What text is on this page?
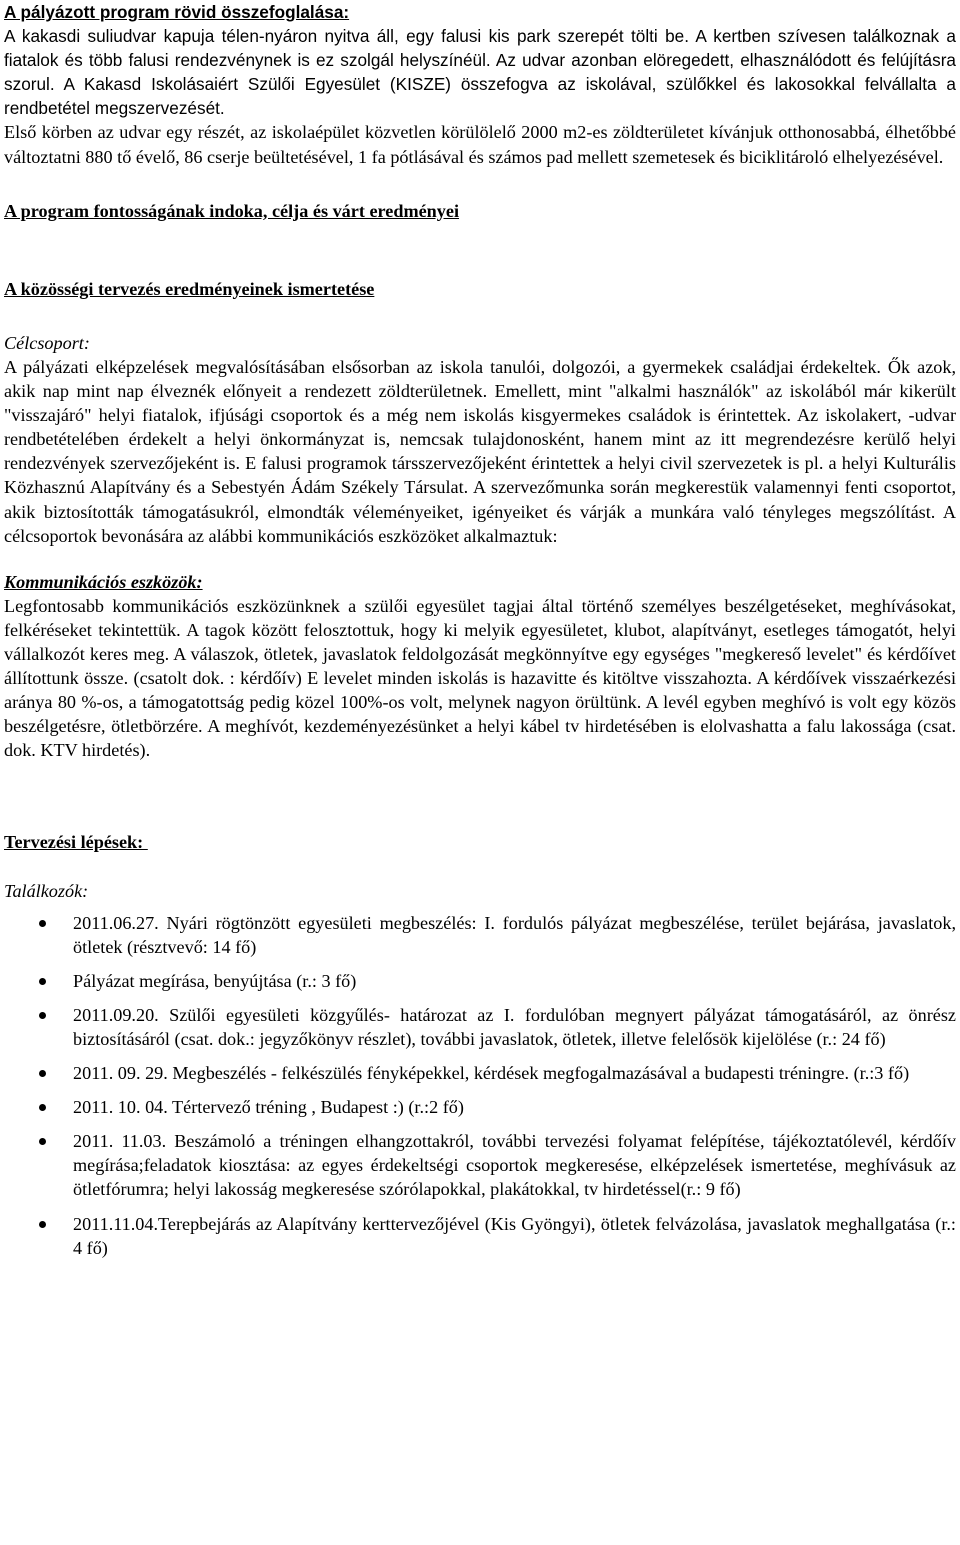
A pályázott program rövid összefoglalása:

A kakasdi suliudvar kapuja télen-nyáron nyitva áll, egy falusi kis park szerepét tölti be. A kertben szívesen találkoznak a fiatalok és több falusi rendezvénynek is ez szolgál helyszínéül. Az udvar azonban elöregedett, elhasználódott és felújításra szorul. A Kakasd Iskolásaiért Szülői Egyesület (KISZE) összefogva az iskolával, szülőkkel és lakosokkal felvállalta a rendbetétel megszervezését.

Első körben az udvar egy részét, az iskolaépület közvetlen körülölelő 2000 m2-es zöldterületet kívánjuk otthonosabbá, élhetőbbé változtatni 880 tő évelő, 86 cserje beültetésével, 1 fa pótlásával és számos pad mellett szemetesek és biciklitároló elhelyezésével.

A program fontosságának indoka, célja és várt eredményei

A közösségi tervezés eredményeinek ismertetése

Célcsoport:

A pályázati elképzelések megvalósításában elsősorban az iskola tanulói, dolgozói, a gyermekek családjai érdekeltek. Ők azok, akik nap mint nap élveznék előnyeit a rendezett zöldterületnek. Emellett, mint "alkalmi használók" az iskolából már kikerült "visszajáró" helyi fiatalok, ifjúsági csoportok és a még nem iskolás kisgyermekes családok is érintettek. Az iskolakert, -udvar rendbetételében érdekelt a helyi önkormányzat is, nemcsak tulajdonosként, hanem mint az itt megrendezésre kerülő helyi rendezvények szervezőjeként is. E falusi programok társszervezőjeként érintettek a helyi civil szervezetek is pl. a helyi Kulturális Közhasznú Alapítvány és a Sebestyén Ádám Székely Társulat. A szervezőmunka során megkerestük valamennyi fenti csoportot, akik biztosították támogatásukról, elmondták véleményeiket, igényeiket és várják a munkára való tényleges megszólítást. A célcsoportok bevonására az alábbi kommunikációs eszközöket alkalmaztuk:

Kommunikációs eszközök:

Legfontosabb kommunikációs eszközünknek a szülői egyesület tagjai által történő személyes beszélgetéseket, meghívásokat, felkéréseket tekintettük. A tagok között felosztottuk, hogy ki melyik egyesületet, klubot, alapítványt, esetleges támogatót, helyi vállalkozót keres meg. A válaszok, ötletek, javaslatok feldolgozását megkönnyítve egy egységes "megkereső levelet" és kérdőívet állítottunk össze. (csatolt dok. : kérdőív) E levelet minden iskolás is hazavitte és kitöltve visszahozta. A kérdőívek visszaérkezési aránya 80 %-os, a támogatottság pedig közel 100%-os volt, melynek nagyon örültünk. A levél egyben meghívó is volt egy közös beszélgetésre, ötletbörzére. A meghívót, kezdeményezésünket a helyi kábel tv hirdetésében is elolvashatta a falu lakossága (csat. dok. KTV hirdetés).

Tervezési lépések:

Találkozók:

2011.06.27. Nyári rögtönzött egyesületi megbeszélés: I. fordulós pályázat megbeszélése, terület bejárása, javaslatok, ötletek (résztvevő: 14 fő)
Pályázat megírása, benyújtása (r.: 3 fő)
2011.09.20. Szülői egyesületi közgyűlés- határozat az I. fordulóban megnyert pályázat támogatásáról, az önrész biztosításáról (csat. dok.: jegyzőkönyv részlet), további javaslatok, ötletek, illetve felelősök kijelölése (r.: 24 fő)
2011. 09. 29. Megbeszélés - felkészülés fényképekkel, kérdések megfogalmazásával a budapesti tréningre. (r.:3 fő)
2011. 10. 04. Tértervező tréning , Budapest :) (r.:2 fő)
2011. 11.03. Beszámoló a tréningen elhangzottakról, további tervezési folyamat felépítése, tájékoztatólevél, kérdőív megírása;feladatok kiosztása: az egyes érdekeltségi csoportok megkeresése, elképzelések ismertetése, meghívásuk az ötletfórumra; helyi lakosság megkeresése szórólapokkal, plakátokkal, tv hirdetéssel(r.: 9 fő)
2011.11.04.Terepbejárás az Alapítvány kerttervezőjével (Kis Gyöngyi), ötletek felvázolása, javaslatok meghallgatása (r.: 4 fő)
